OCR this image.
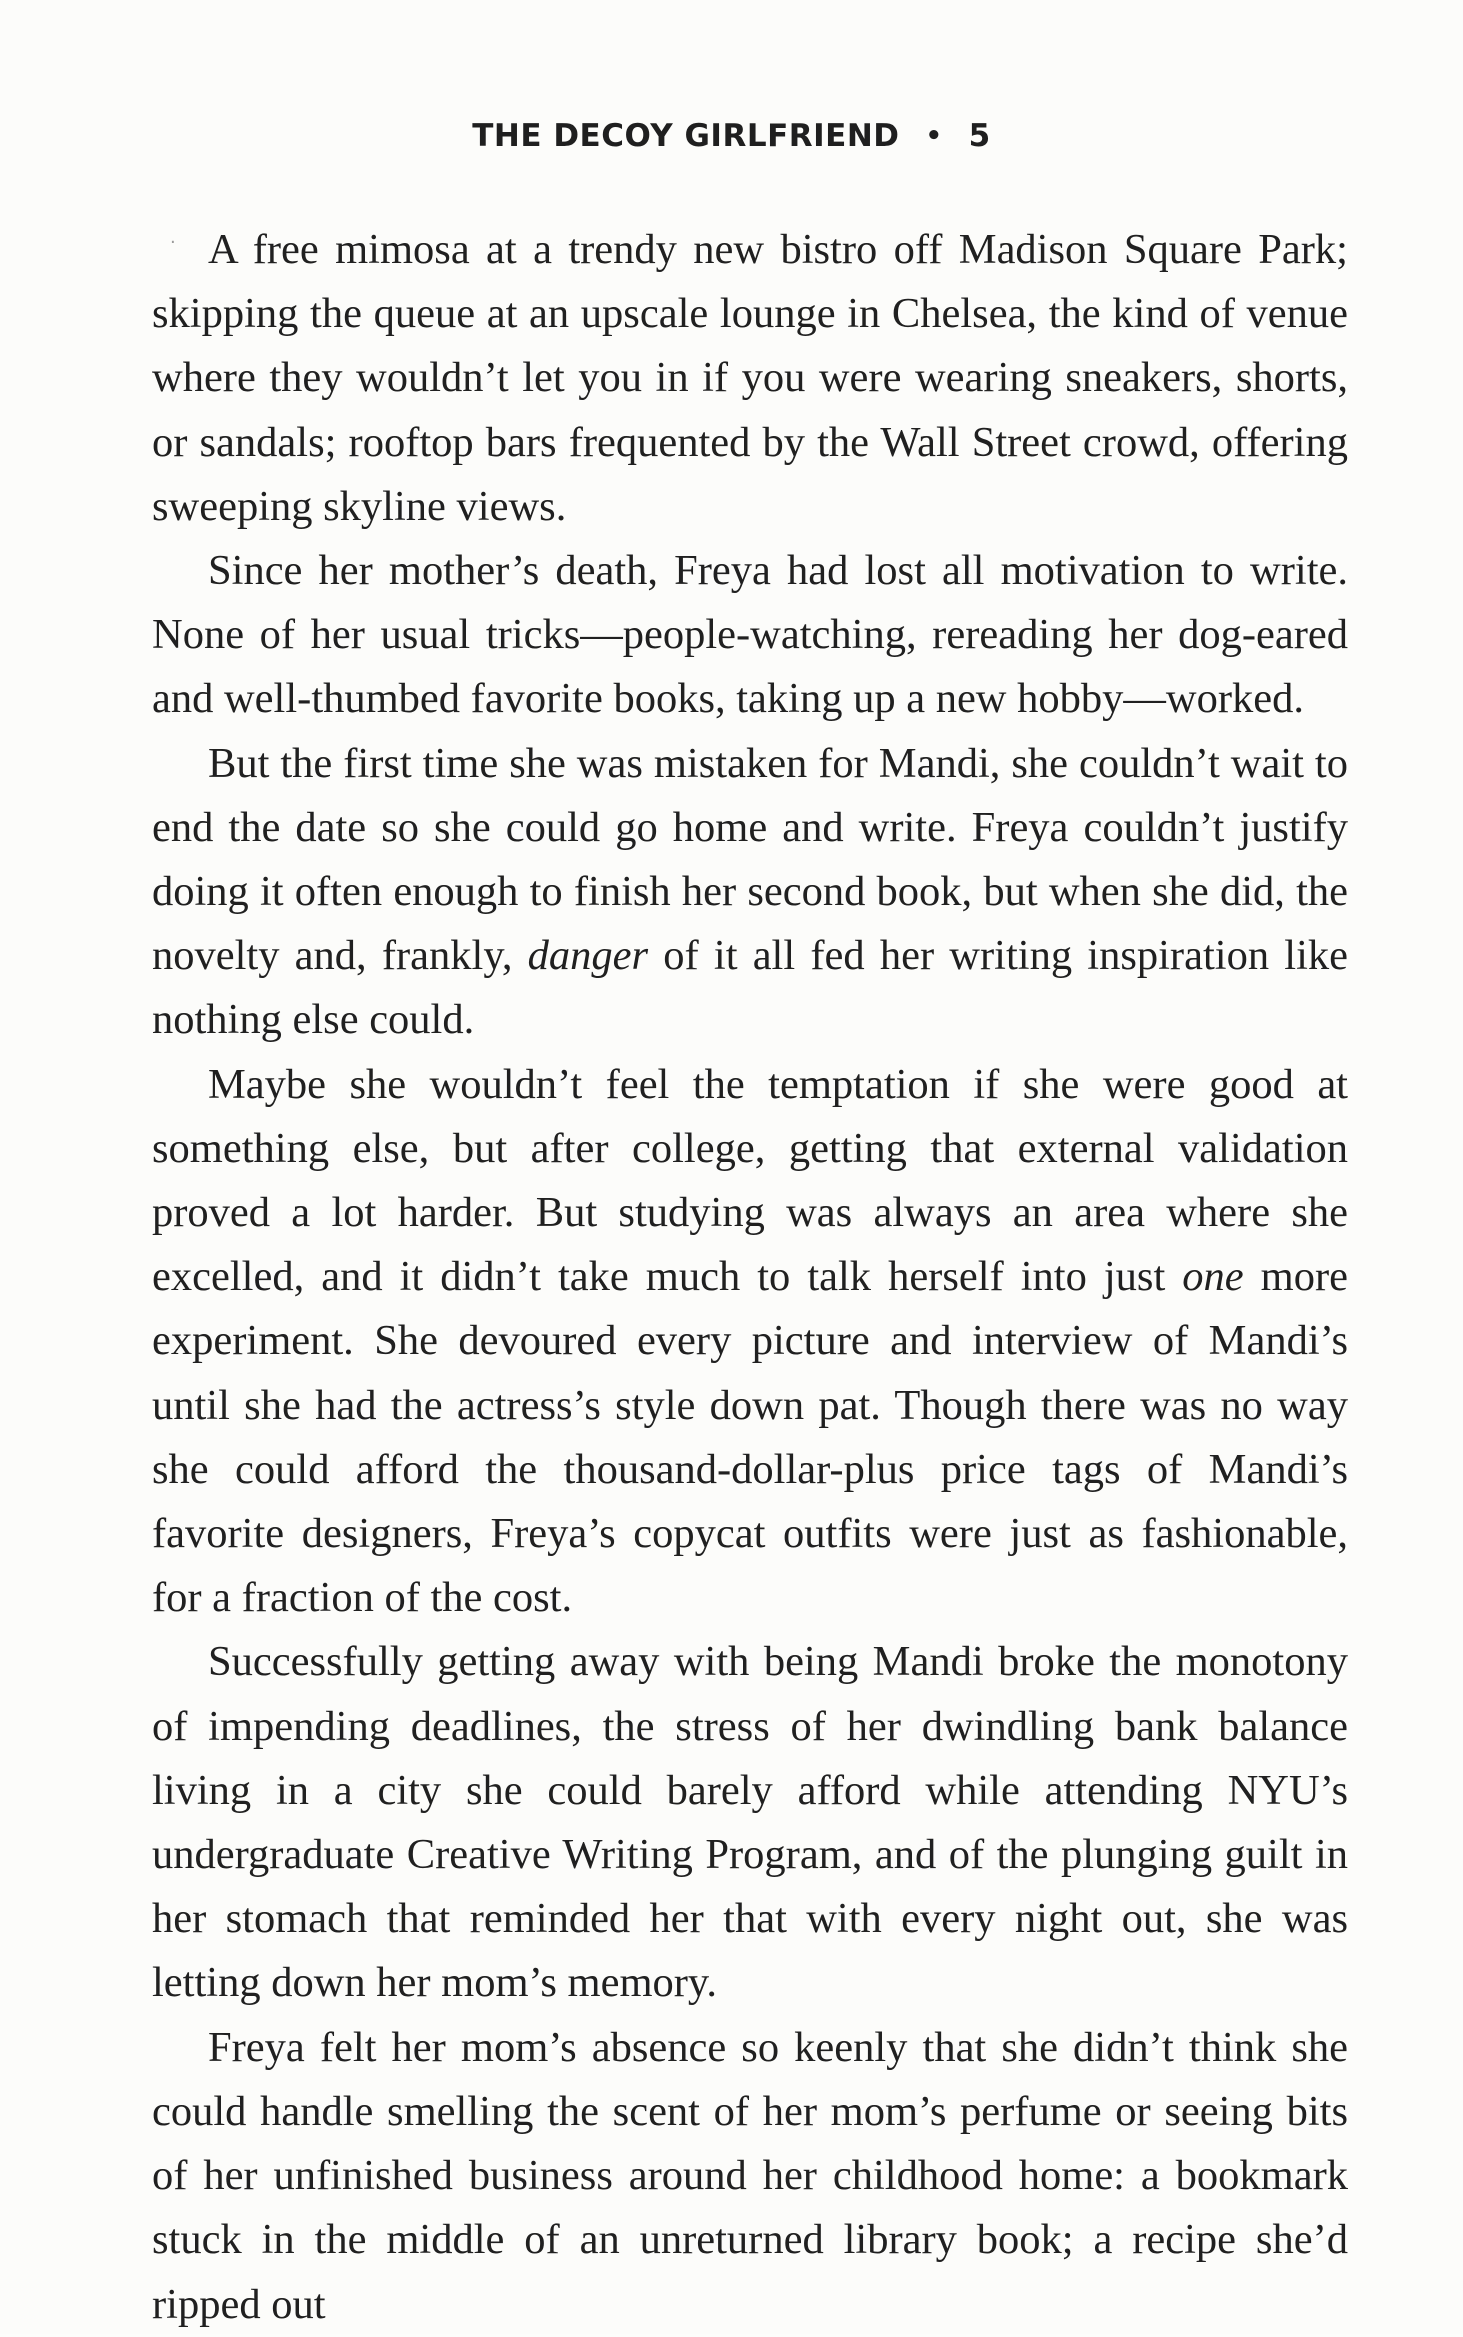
THE DECOY GIRLFRIEND • 5

A free mimosa at a trendy new bistro off Madison Square Park; skipping the queue at an upscale lounge in Chelsea, the kind of venue where they wouldn’t let you in if you were wearing sneakers, shorts, or sandals; rooftop bars frequented by the Wall Street crowd, offering sweeping skyline views.

Since her mother’s death, Freya had lost all motivation to write. None of her usual tricks—people-watching, rereading her dog-eared and well-thumbed favorite books, taking up a new hobby—worked.

But the first time she was mistaken for Mandi, she couldn’t wait to end the date so she could go home and write. Freya couldn’t justify doing it often enough to finish her second book, but when she did, the novelty and, frankly, danger of it all fed her writing inspiration like nothing else could.

Maybe she wouldn’t feel the temptation if she were good at something else, but after college, getting that external validation proved a lot harder. But studying was always an area where she excelled, and it didn’t take much to talk herself into just one more experiment. She devoured every picture and interview of Mandi’s until she had the actress’s style down pat. Though there was no way she could afford the thousand-dollar-plus price tags of Mandi’s favorite designers, Freya’s copycat outfits were just as fashionable, for a fraction of the cost.

Successfully getting away with being Mandi broke the monotony of impending deadlines, the stress of her dwindling bank balance living in a city she could barely afford while attending NYU’s undergraduate Creative Writing Program, and of the plunging guilt in her stomach that reminded her that with every night out, she was letting down her mom’s memory.

Freya felt her mom’s absence so keenly that she didn’t think she could handle smelling the scent of her mom’s perfume or seeing bits of her unfinished business around her childhood home: a bookmark stuck in the middle of an unreturned library book; a recipe she’d ripped out

·
